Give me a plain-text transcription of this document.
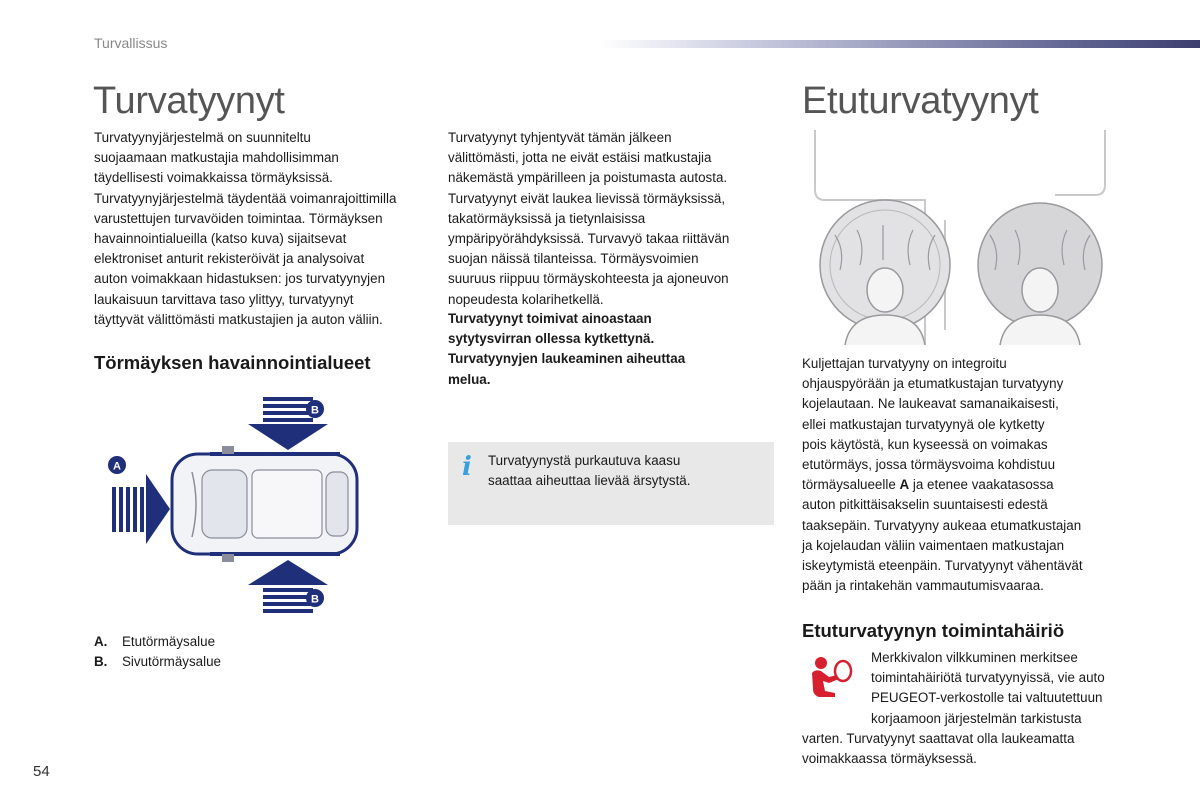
Turvallissus
Turvatyynyt

Turvatyynyjärjestelmä on suunniteltu
suojaamaan matkustajia mahdollisimman
täydellisesti voimakkaissa törmäyksissä.
Turvatyynyjärjestelmä täydentää voimanrajoittimilla
varustettujen turvavöiden toimintaa. Törmäyksen
havainnointialueilla (katso kuva) sijaitsevat
elektroniset anturit rekisteröivät ja analysoivat
auton voimakkaan hidastuksen: jos turvatyynyjen
laukaisuun tarvittava taso ylittyy, turvatyynyt
täyttyvät välittömästi matkustajien ja auton väliin.

Törmäyksen havainnointialueet
A
B
B
A. Etutörmäysalue
B. Sivutörmäysalue

Turvatyynyt tyhjentyvät tämän jälkeen
välittömästi, jotta ne eivät estäisi matkustajia
näkemästä ympärilleen ja poistumasta autosta.
Turvatyynyt eivät laukea lievissä törmäyksissä,
takatörmäyksissä ja tietynlaisissa
ympäripyörähdyksissä. Turvavyö takaa riittävän
suojan näissä tilanteissa. Törmäysvoimien
suuruus riippuu törmäyskohteesta ja ajoneuvon
nopeudesta kolarihetkellä.

Turvatyynyt toimivat ainoastaan
sytytysvirran ollessa kytkettynä.
Turvatyynyjen laukeaminen aiheuttaa
melua.

i Turvatyynystä purkautuva kaasu
saattaa aiheuttaa lievää ärsytystä.
Etuturvatyynyt

Kuljettajan turvatyyny on integroitu
ohjauspyörään ja etumatkustajan turvatyyny
kojelautaan. Ne laukeavat samanaikaisesti,
ellei matkustajan turvatyynyä ole kytketty
pois käytöstä, kun kyseessä on voimakas
etutörmäys, jossa törmäysvoima kohdistuu
törmäysalueelle A ja etenee vaakatasossa
auton pitkittäisakselin suuntaisesti edestä
taaksepäin. Turvatyyny aukeaa etumatkustajan
ja kojelaudan väliin vaimentaen matkustajan
iskeytymistä eteenpäin. Turvatyynyt vähentävät
pään ja rintakehän vammautumisvaaraa.

Etuturvatyynyn toimintahäiriö

Merkkivalon vilkkuminen merkitsee
toimintahäiriötä turvatyynyissä, vie auto
PEUGEOT-verkostolle tai valtuutettuun
korjaamoon järjestelmän tarkistusta

varten. Turvatyynyt saattavat olla laukeamatta
voimakkaassa törmäyksessä.

54
